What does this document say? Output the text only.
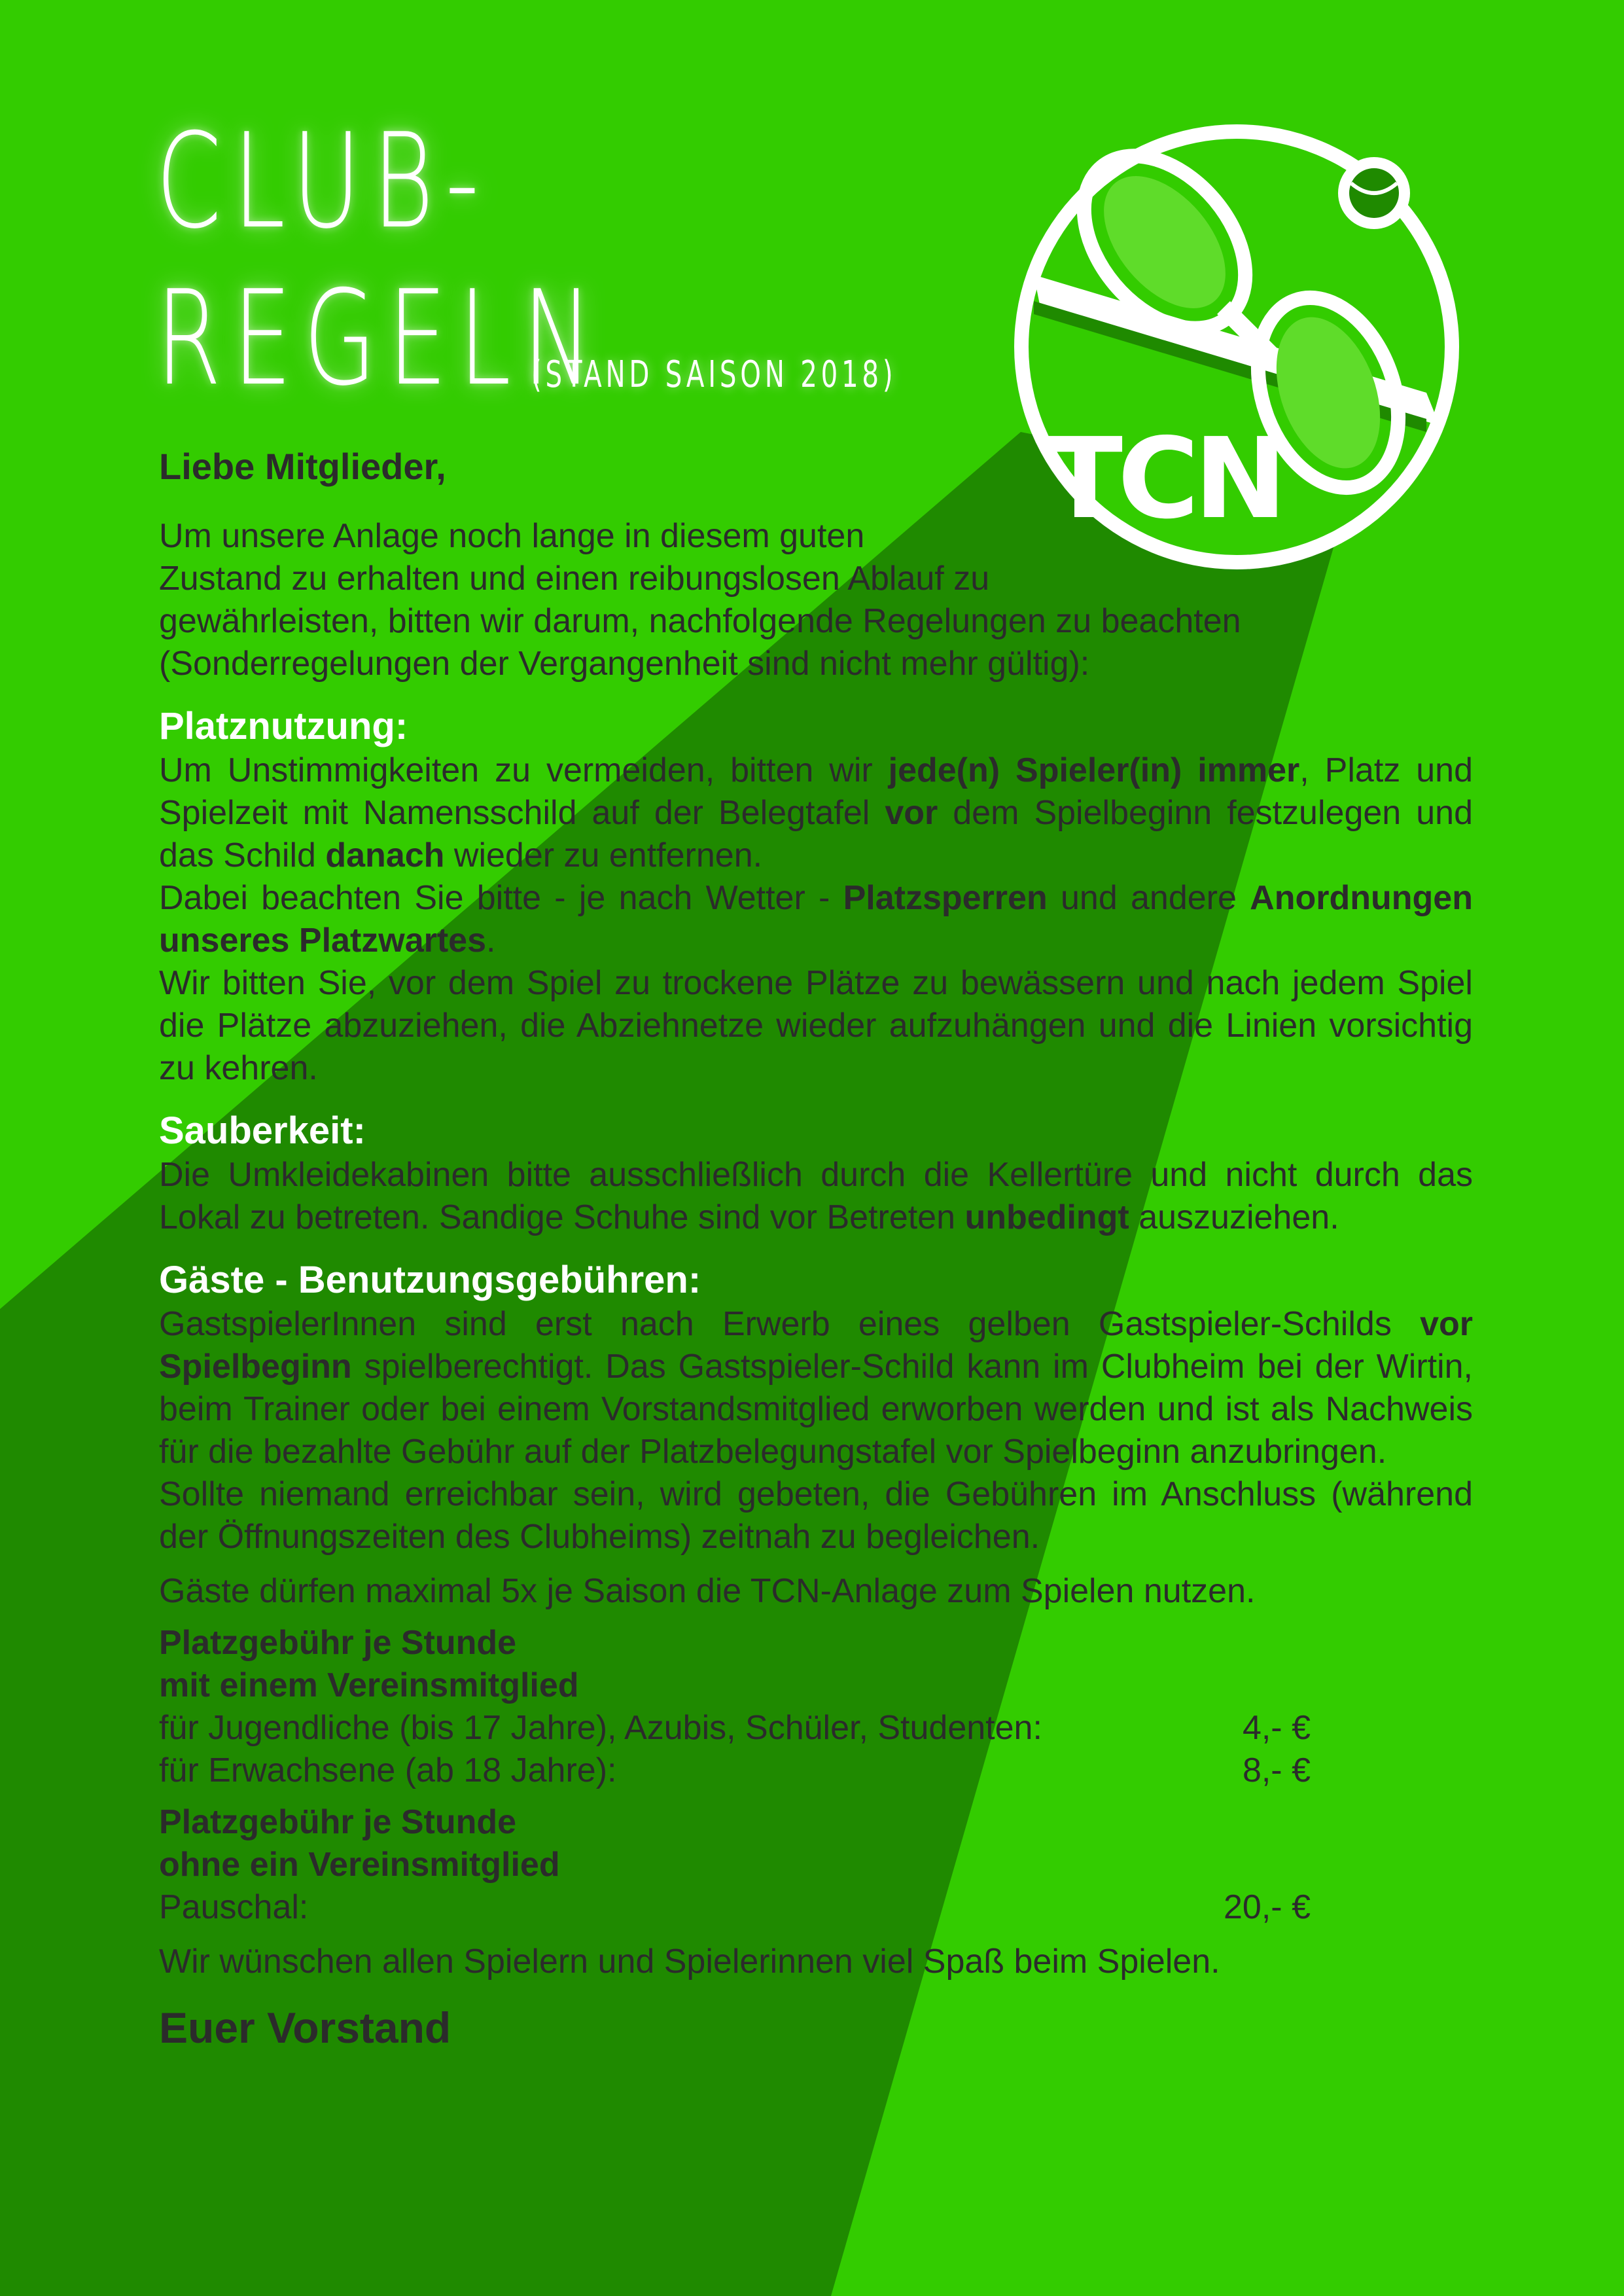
CLUB-
REGELN
(STAND SAISON 2018)
TCN

Liebe Mitglieder,

Um unsere Anlage noch lange in diesem guten
Zustand zu erhalten und einen reibungslosen Ablauf zu
gewährleisten, bitten wir darum, nachfolgende Regelungen zu beachten
(Sonderregelungen der Vergangenheit sind nicht mehr gültig):

Platznutzung:

Um Unstimmigkeiten zu vermeiden, bitten wir jede(n) Spieler(in) immer, Platz und Spielzeit mit Namensschild auf der Belegtafel vor dem Spielbeginn festzulegen und das Schild danach wieder zu entfernen.

Dabei beachten Sie bitte - je nach Wetter - Platzsperren und andere Anordnungen unseres Platzwartes.

Wir bitten Sie, vor dem Spiel zu trockene Plätze zu bewässern und nach jedem Spiel die Plätze abzuziehen, die Abziehnetze wieder aufzuhängen und die Linien vorsichtig zu kehren.

Sauberkeit:

Die Umkleidekabinen bitte ausschließlich durch die Kellertüre und nicht durch das Lokal zu betreten. Sandige Schuhe sind vor Betreten unbedingt auszuziehen.

Gäste - Benutzungsgebühren:

GastspielerInnen sind erst nach Erwerb eines gelben Gastspieler-Schilds vor Spielbeginn spielberechtigt. Das Gastspieler-Schild kann im Clubheim bei der Wirtin, beim Trainer oder bei einem Vorstandsmitglied erworben werden und ist als Nachweis für die bezahlte Gebühr auf der Platzbelegungstafel vor Spielbeginn anzubringen.

Sollte niemand erreichbar sein, wird gebeten, die Gebühren im Anschluss (während der Öffnungszeiten des Clubheims) zeitnah zu begleichen.

Gäste dürfen maximal 5x je Saison die TCN-Anlage zum Spielen nutzen.

Platzgebühr je Stunde
mit einem Vereinsmitglied
für Jugendliche (bis 17 Jahre), Azubis, Schüler, Studenten:	4,- €
für Erwachsene (ab 18 Jahre):	8,- €
Platzgebühr je Stunde
ohne ein Vereinsmitglied
Pauschal:	20,- €

Wir wünschen allen Spielern und Spielerinnen viel Spaß beim Spielen.

Euer Vorstand
